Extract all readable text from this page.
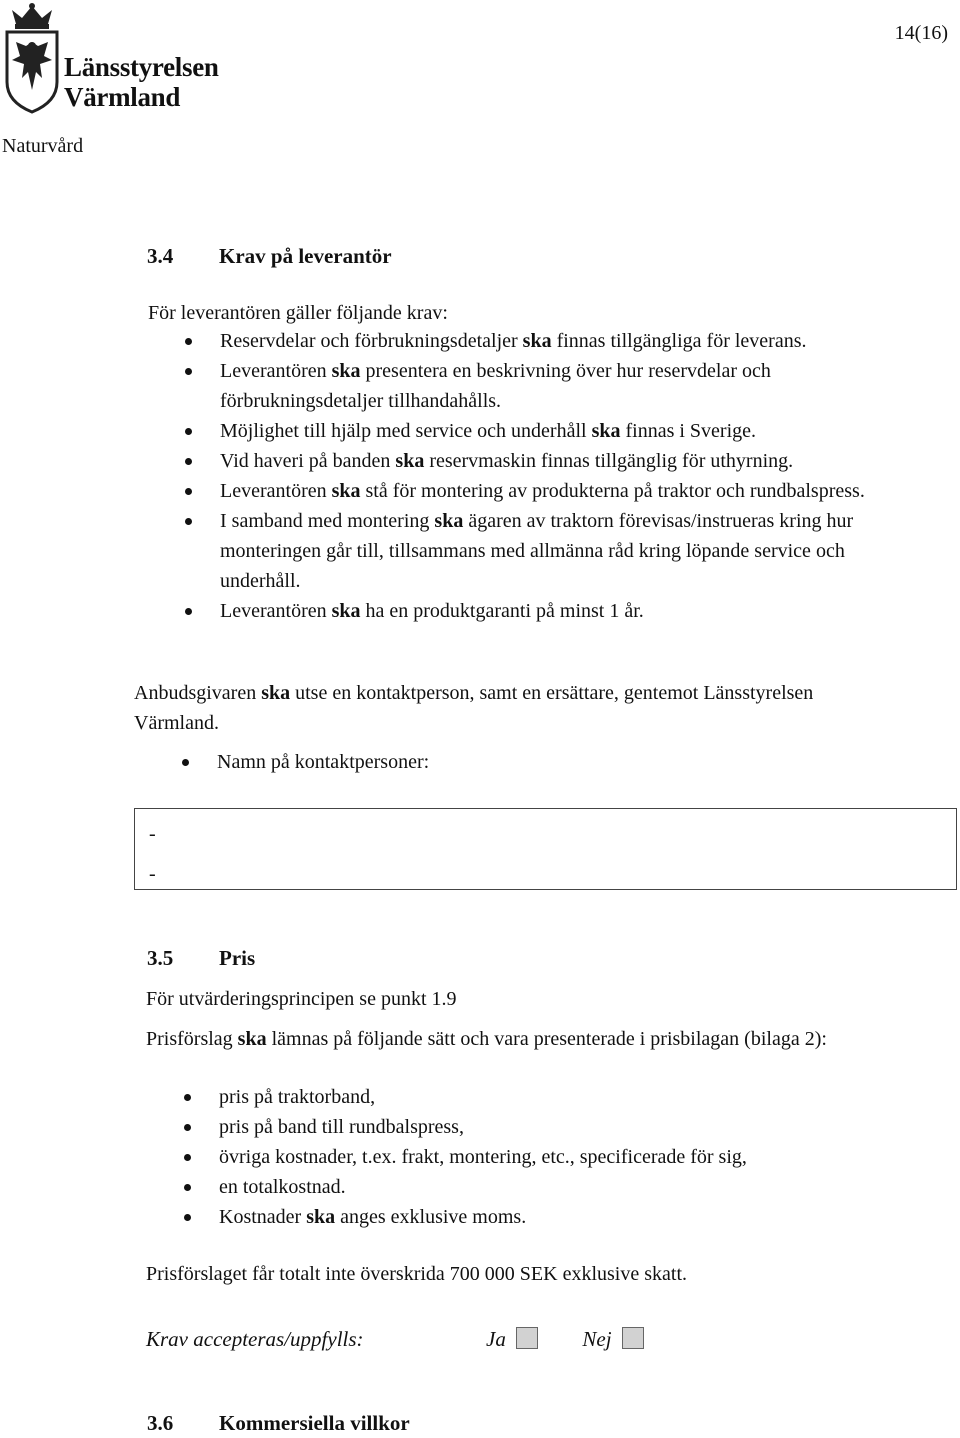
Länsstyrelsen
Värmland
14(16)
Naturvård
3.4 Krav på leverantör
För leverantören gäller följande krav:
Reservdelar och förbrukningsdetaljer ska finnas tillgängliga för leverans.
Leverantören ska presentera en beskrivning över hur reservdelar och förbrukningsdetaljer tillhandahålls.
Möjlighet till hjälp med service och underhåll ska finnas i Sverige.
Vid haveri på banden ska reservmaskin finnas tillgänglig för uthyrning.
Leverantören ska stå för montering av produkterna på traktor och rundbalspress.
I samband med montering ska ägaren av traktorn förevisas/instrueras kring hur monteringen går till, tillsammans med allmänna råd kring löpande service och underhåll.
Leverantören ska ha en produktgaranti på minst 1 år.
Anbudsgivaren ska utse en kontaktperson, samt en ersättare, gentemot Länsstyrelsen Värmland.
Namn på kontaktpersoner:
-
-
3.5 Pris
För utvärderingsprincipen se punkt 1.9
Prisförslag ska lämnas på följande sätt och vara presenterade i prisbilagan (bilaga 2):
pris på traktorband,
pris på band till rundbalspress,
övriga kostnader, t.ex. frakt, montering, etc., specificerade för sig,
en totalkostnad.
Kostnader ska anges exklusive moms.
Prisförslaget får totalt inte överskrida 700 000 SEK exklusive skatt.
Krav accepteras/uppfylls:	Ja	Nej
3.6 Kommersiella villkor
